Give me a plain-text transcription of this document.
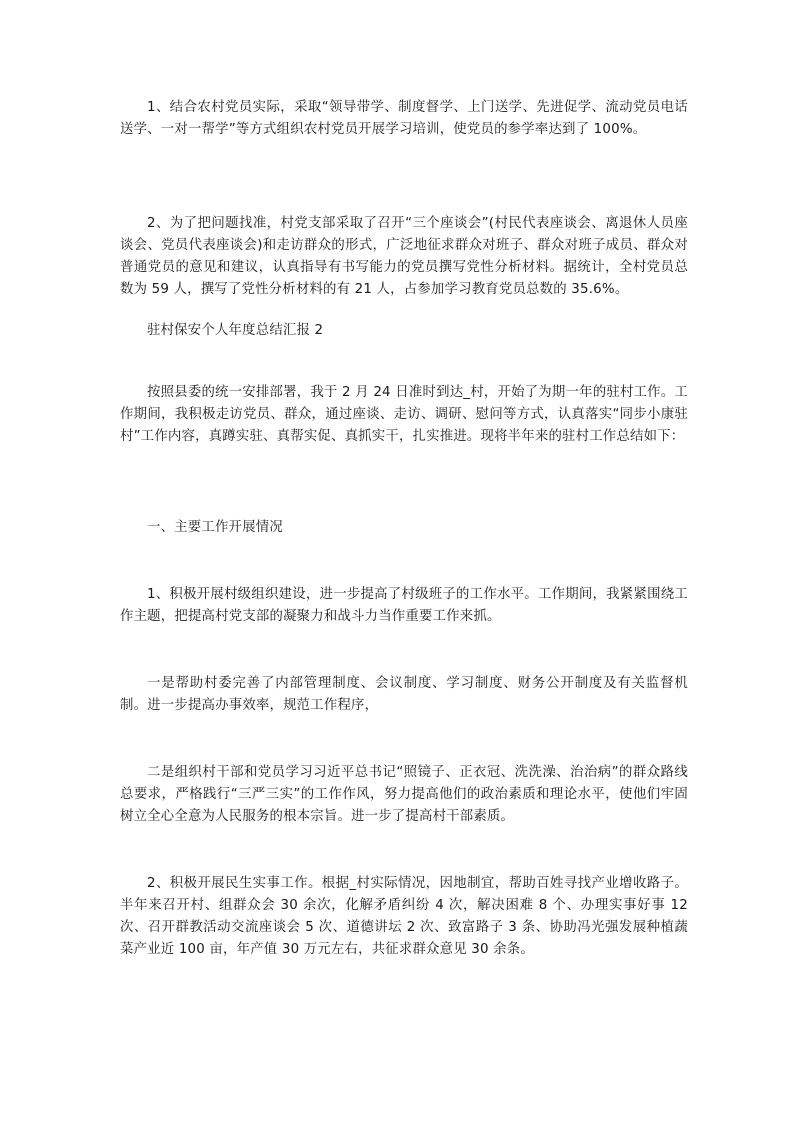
1、结合农村党员实际，采取“领导带学、制度督学、上门送学、先进促学、流动党员电话送学、一对一帮学”等方式组织农村党员开展学习培训，使党员的参学率达到了 100%。

2、为了把问题找准，村党支部采取了召开“三个座谈会”(村民代表座谈会、离退休人员座谈会、党员代表座谈会)和走访群众的形式，广泛地征求群众对班子、群众对班子成员、群众对普通党员的意见和建议，认真指导有书写能力的党员撰写党性分析材料。据统计，全村党员总数为 59 人，撰写了党性分析材料的有 21 人，占参加学习教育党员总数的 35.6%。

驻村保安个人年度总结汇报 2

按照县委的统一安排部署，我于 2 月 24 日准时到达_村，开始了为期一年的驻村工作。工作期间，我积极走访党员、群众，通过座谈、走访、调研、慰问等方式，认真落实“同步小康驻村”工作内容，真蹲实驻、真帮实促、真抓实干，扎实推进。现将半年来的驻村工作总结如下：

一、主要工作开展情况

1、积极开展村级组织建设，进一步提高了村级班子的工作水平。工作期间，我紧紧围绕工作主题，把提高村党支部的凝聚力和战斗力当作重要工作来抓。

一是帮助村委完善了内部管理制度、会议制度、学习制度、财务公开制度及有关监督机制。进一步提高办事效率，规范工作程序，

二是组织村干部和党员学习习近平总书记“照镜子、正衣冠、洗洗澡、治治病”的群众路线总要求，严格践行“三严三实”的工作作风，努力提高他们的政治素质和理论水平，使他们牢固树立全心全意为人民服务的根本宗旨。进一步了提高村干部素质。

2、积极开展民生实事工作。根据_村实际情况，因地制宜，帮助百姓寻找产业增收路子。半年来召开村、组群众会 30 余次，化解矛盾纠纷 4 次，解决困难 8 个、办理实事好事 12 次、召开群教活动交流座谈会 5 次、道德讲坛 2 次、致富路子 3 条、协助冯光强发展种植蔬菜产业近 100 亩，年产值 30 万元左右，共征求群众意见 30 余条。
